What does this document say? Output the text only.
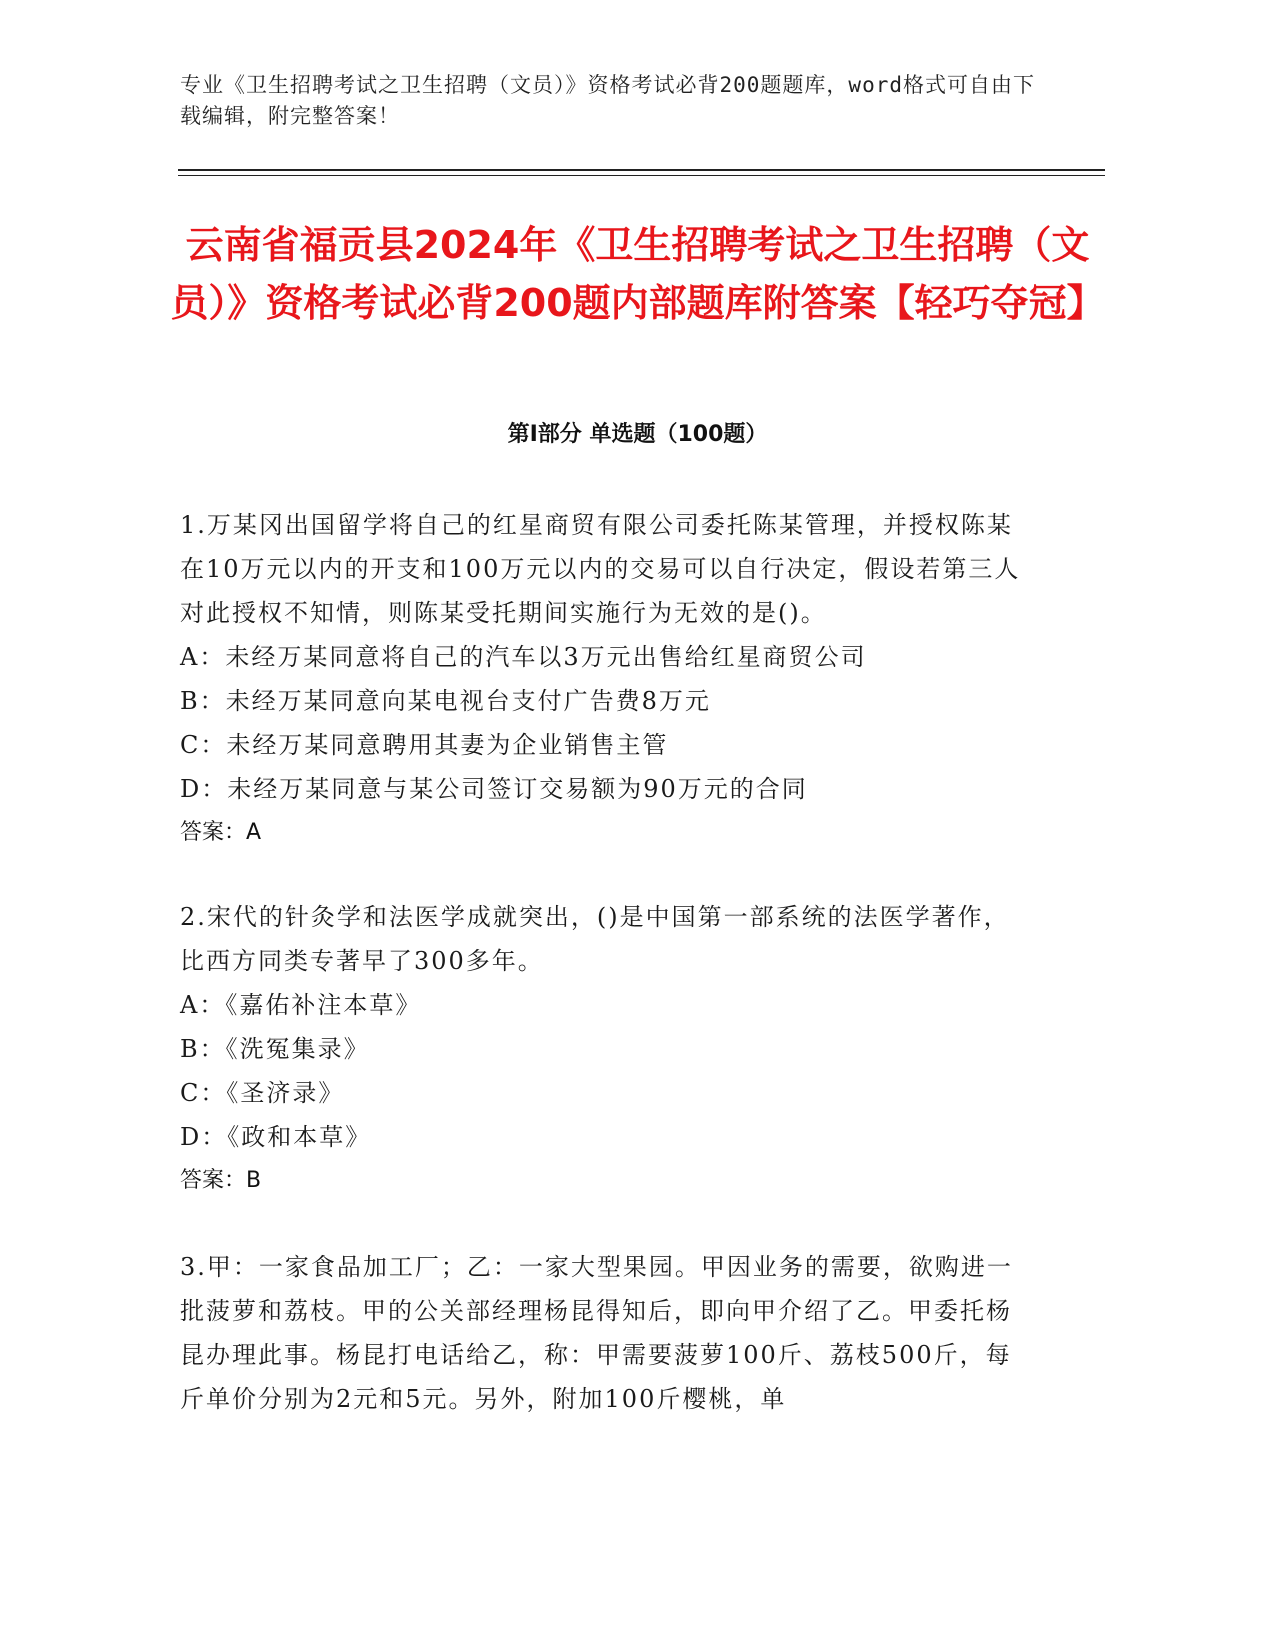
专业《卫生招聘考试之卫生招聘（文员）》资格考试必背200题题库，word格式可自由下载编辑，附完整答案！

云南省福贡县2024年《卫生招聘考试之卫生招聘（文员）》资格考试必背200题内部题库附答案【轻巧夺冠】
第Ⅰ部分 单选题（100题）

1.万某冈出国留学将自己的红星商贸有限公司委托陈某管理，并授权陈某在10万元以内的开支和100万元以内的交易可以自行决定，假设若第三人对此授权不知情，则陈某受托期间实施行为无效的是()。

A：未经万某同意将自己的汽车以3万元出售给红星商贸公司

B：未经万某同意向某电视台支付广告费8万元

C：未经万某同意聘用其妻为企业销售主管

D：未经万某同意与某公司签订交易额为90万元的合同

答案：A

2.宋代的针灸学和法医学成就突出，()是中国第一部系统的法医学著作，比西方同类专著早了300多年。

A：《嘉佑补注本草》

B：《洗冤集录》

C：《圣济录》

D：《政和本草》

答案：B

3.甲：一家食品加工厂；乙：一家大型果园。甲因业务的需要，欲购进一批菠萝和荔枝。甲的公关部经理杨昆得知后，即向甲介绍了乙。甲委托杨昆办理此事。杨昆打电话给乙，称：甲需要菠萝100斤、荔枝500斤，每斤单价分别为2元和5元。另外，附加100斤樱桃，单
